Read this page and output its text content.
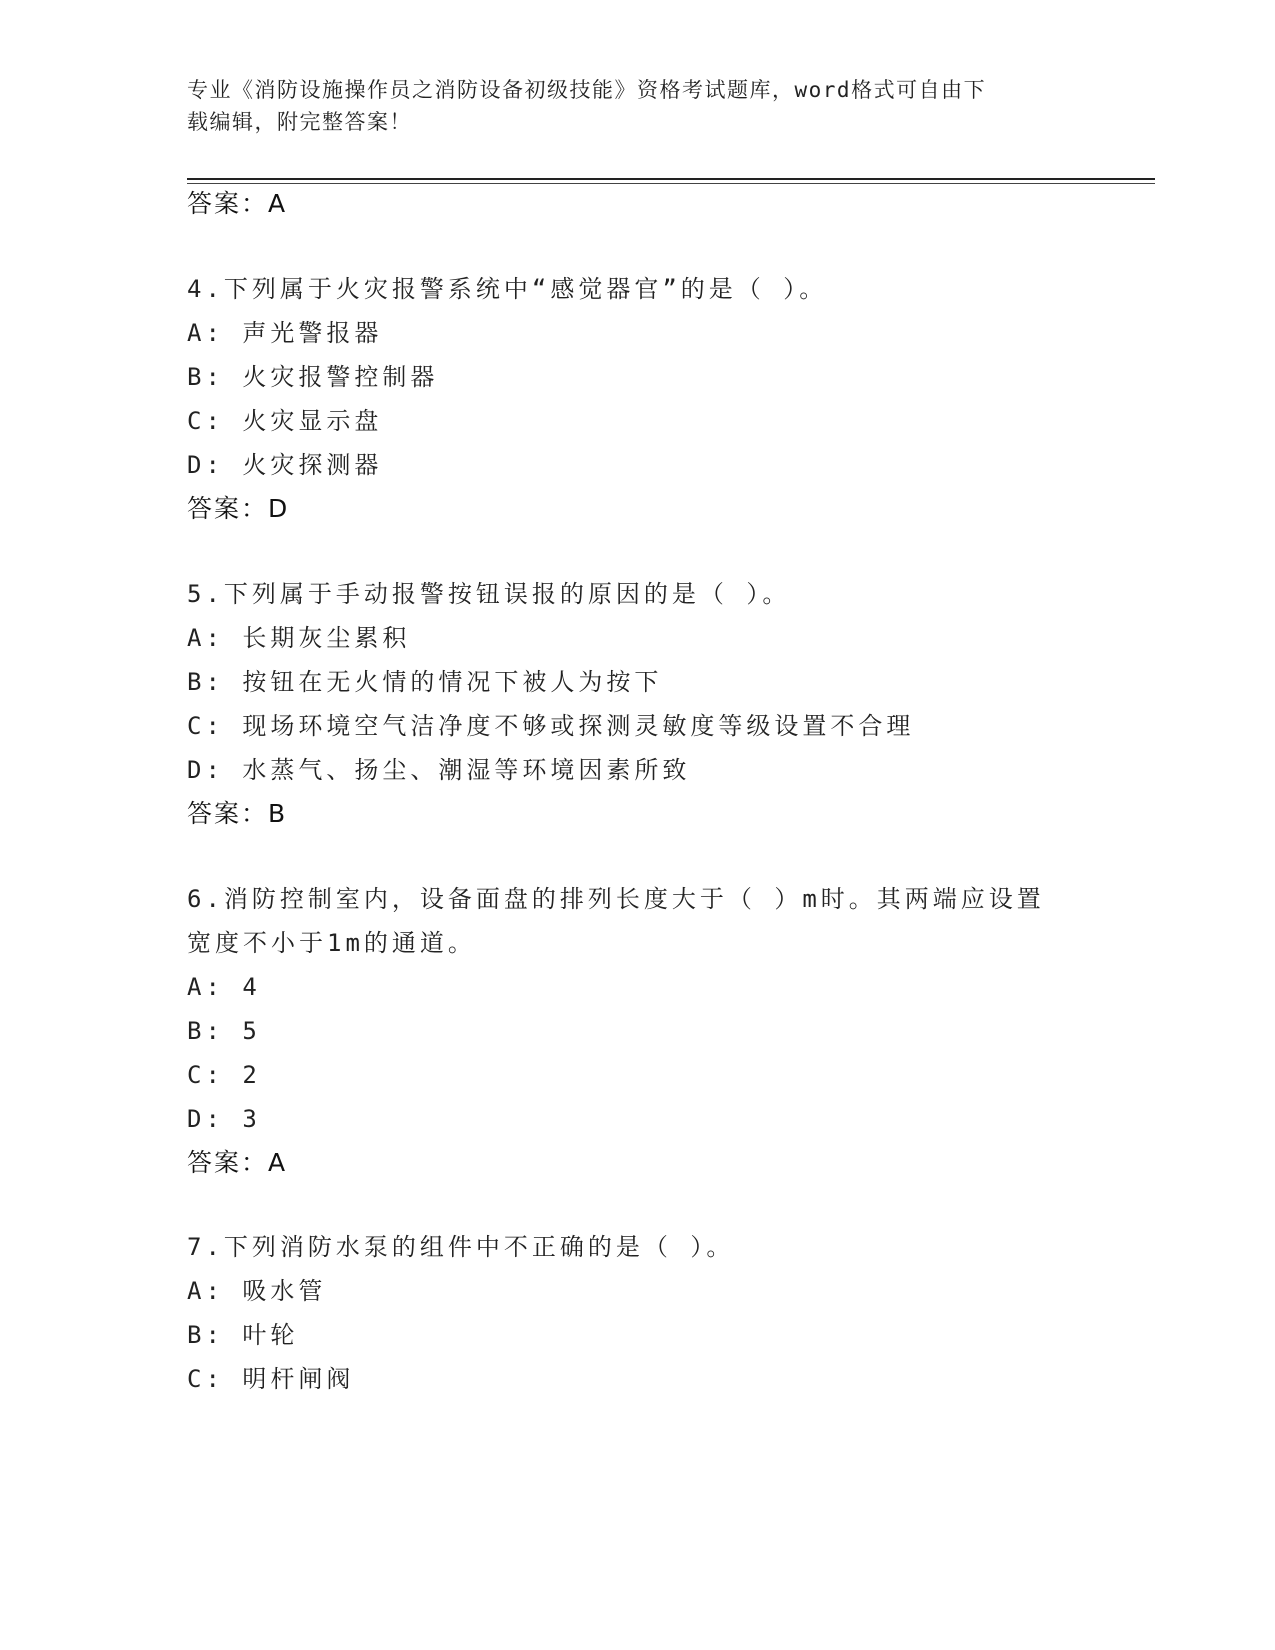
专业《消防设施操作员之消防设备初级技能》资格考试题库，word格式可自由下
载编辑，附完整答案！
答案：A
4.下列属于火灾报警系统中“感觉器官”的是（ ）。
A: 声光警报器
B: 火灾报警控制器
C: 火灾显示盘
D: 火灾探测器
答案：D
5.下列属于手动报警按钮误报的原因的是（ ）。
A: 长期灰尘累积
B: 按钮在无火情的情况下被人为按下
C: 现场环境空气洁净度不够或探测灵敏度等级设置不合理
D: 水蒸气、扬尘、潮湿等环境因素所致
答案：B
6.消防控制室内，设备面盘的排列长度大于（ ）m时。其两端应设置
宽度不小于1m的通道。
A: 4
B: 5
C: 2
D: 3
答案：A
7.下列消防水泵的组件中不正确的是（ ）。
A: 吸水管
B: 叶轮
C: 明杆闸阀
